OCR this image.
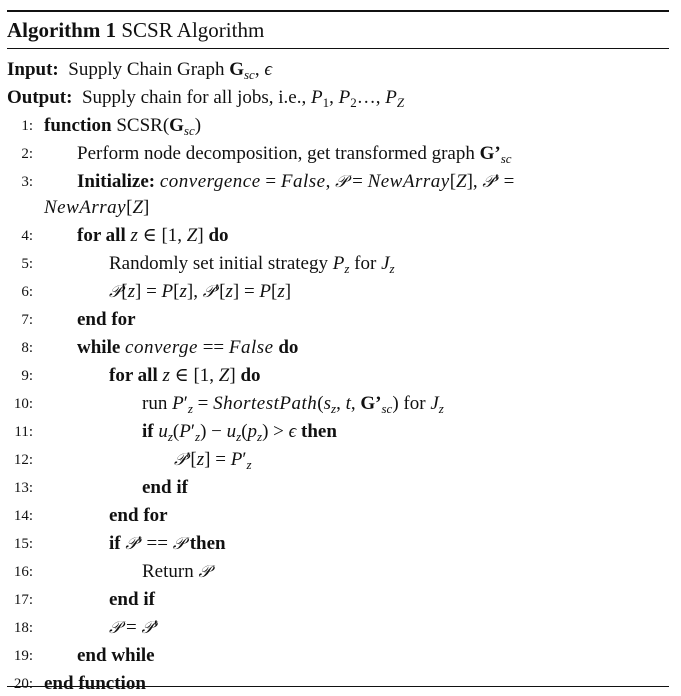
Algorithm 1 SCSR Algorithm
Input: Supply Chain Graph $G_{sc}$, ϵ
Output: Supply chain for all jobs, i.e., $P_1$, $P_2\dots$, $P_Z$
1: function $SCSR(G_{sc})$
2: Perform node decomposition, get transformed graph $G’_{sc}$
3: Initialize: convergence = False, 𝒫 = NewArray[Z], 𝒫′ =
NewArray[Z]
4: for all z ∈ [1, Z] do
5:	Randomly set initial strategy $P_z$ for $J_z$
6:	𝒫[z] = P[z], 𝒫′[z] = P[z]
7: end for
8: while converge == False do
9:	for all z ∈ [1, Z] do
10:	run $P'_z$ = $ShortestPath(s_z$, t, $G’_{sc}$) for $J_z$
11:	if $u_z(P'_z) - u_z(p_z) > \epsilon$ then
12:	𝒫′[z] = $P'_z$
13:	end if
14:	end for
15:	if 𝒫′ == 𝒫 then
16:	Return 𝒫
17:	end if
18:	𝒫 = 𝒫′
19: end while
20: end function
